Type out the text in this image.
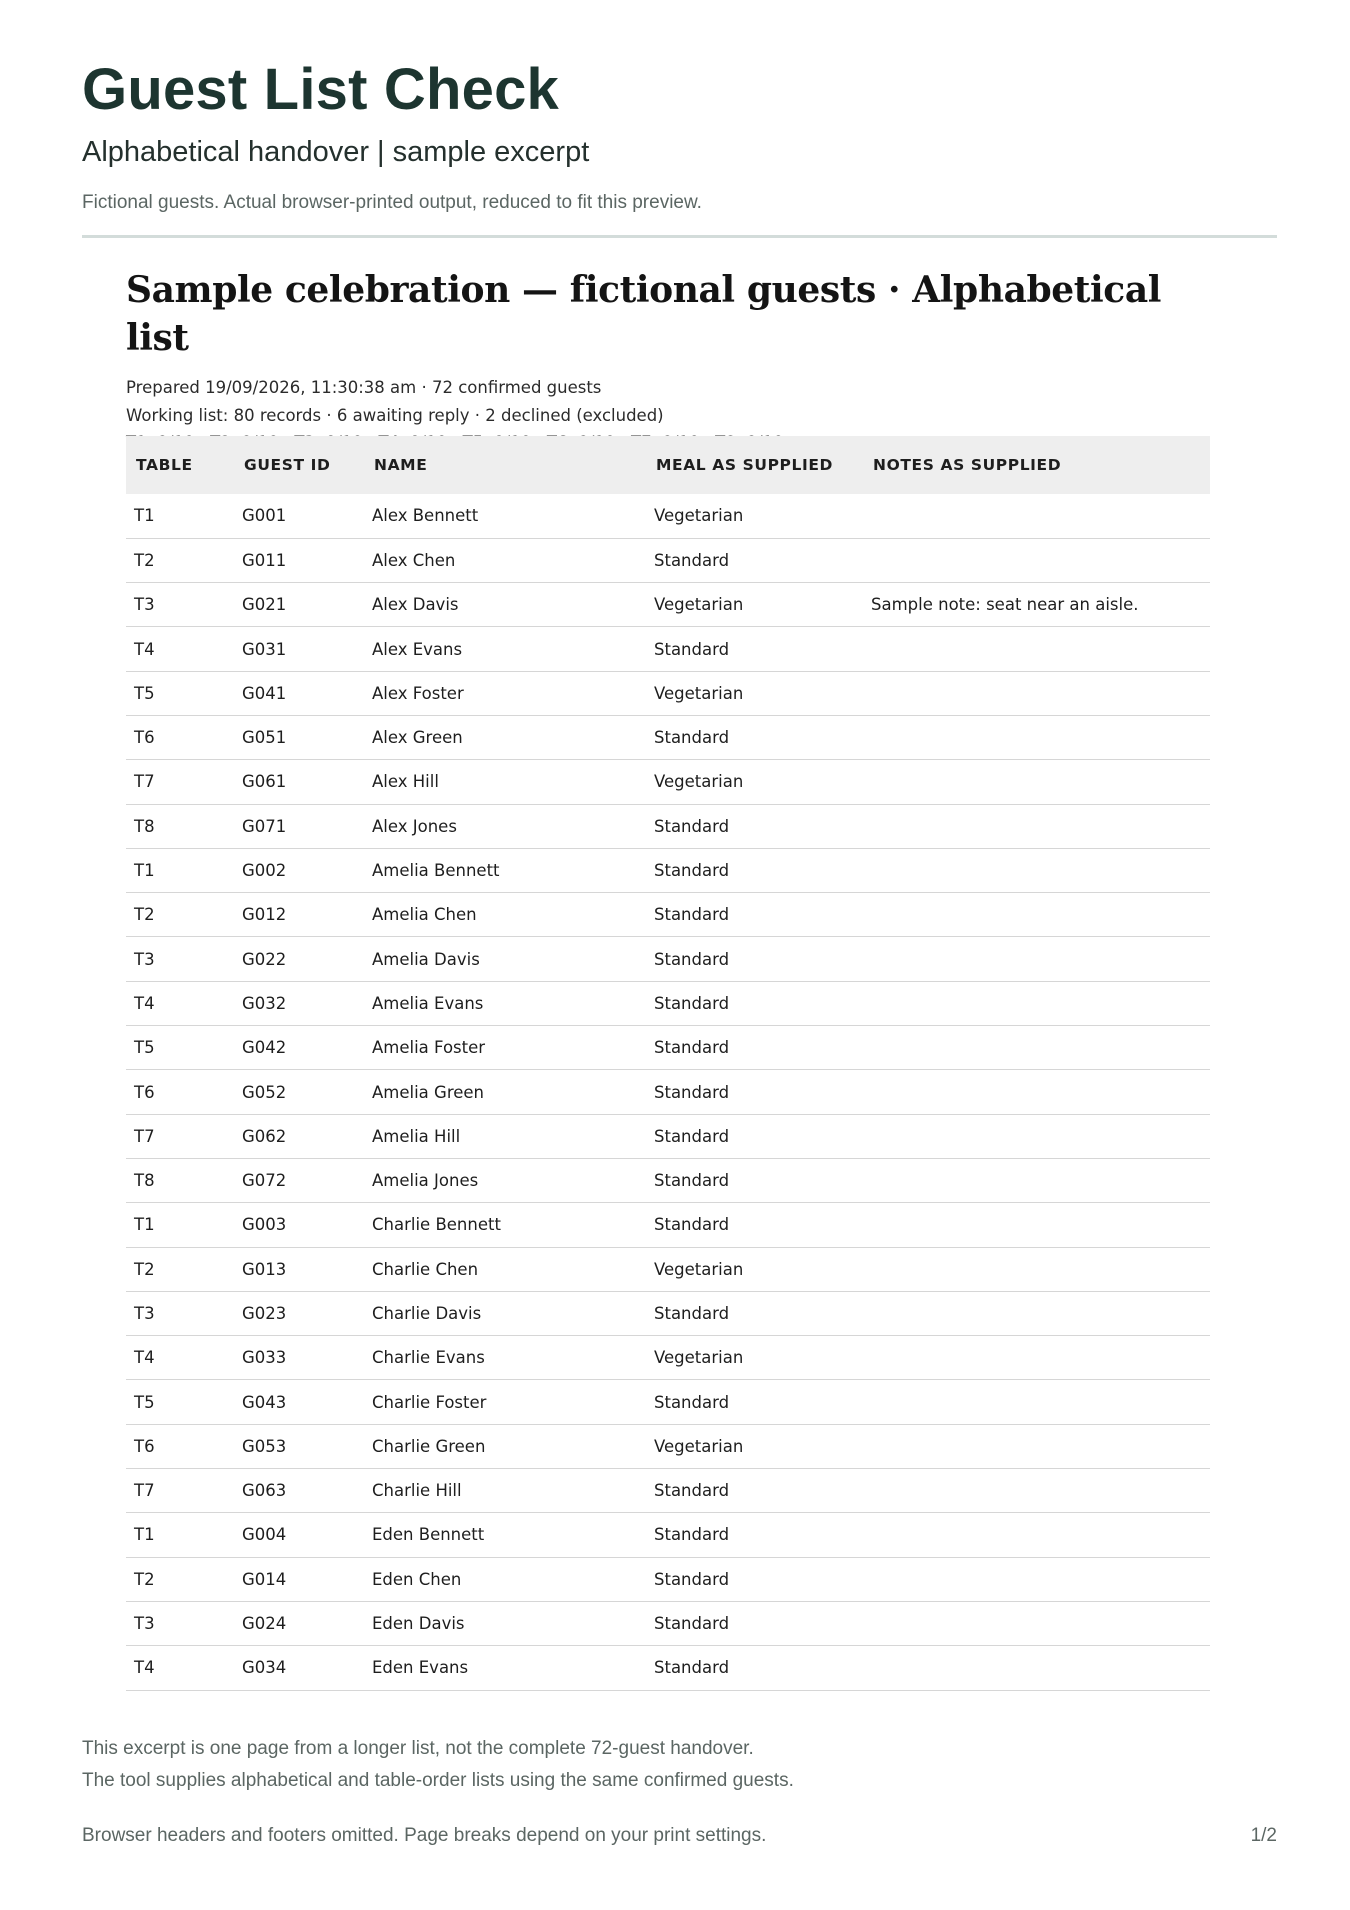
Guest List Check
Alphabetical handover | sample excerpt
Fictional guests. Actual browser-printed output, reduced to fit this preview.
Sample celebration — fictional guests · Alphabetical list
Prepared 19/09/2026, 11:30:38 am · 72 confirmed guests
Working list: 80 records · 6 awaiting reply · 2 declined (excluded)
T1: 9/10 · T2: 9/10 · T3: 9/10 · T4: 9/10 · T5: 9/10 · T6: 9/10 · T7: 9/10 · T8: 9/10
TABLE	GUEST ID	NAME	MEAL AS SUPPLIED	NOTES AS SUPPLIED
T1	G001	Alex Bennett	Vegetarian	
T2	G011	Alex Chen	Standard	
T3	G021	Alex Davis	Vegetarian	Sample note: seat near an aisle.
T4	G031	Alex Evans	Standard	
T5	G041	Alex Foster	Vegetarian	
T6	G051	Alex Green	Standard	
T7	G061	Alex Hill	Vegetarian	
T8	G071	Alex Jones	Standard	
T1	G002	Amelia Bennett	Standard	
T2	G012	Amelia Chen	Standard	
T3	G022	Amelia Davis	Standard	
T4	G032	Amelia Evans	Standard	
T5	G042	Amelia Foster	Standard	
T6	G052	Amelia Green	Standard	
T7	G062	Amelia Hill	Standard	
T8	G072	Amelia Jones	Standard	
T1	G003	Charlie Bennett	Standard	
T2	G013	Charlie Chen	Vegetarian	
T3	G023	Charlie Davis	Standard	
T4	G033	Charlie Evans	Vegetarian	
T5	G043	Charlie Foster	Standard	
T6	G053	Charlie Green	Vegetarian	
T7	G063	Charlie Hill	Standard	
T1	G004	Eden Bennett	Standard	
T2	G014	Eden Chen	Standard	
T3	G024	Eden Davis	Standard	
T4	G034	Eden Evans	Standard	
This excerpt is one page from a longer list, not the complete 72-guest handover.
The tool supplies alphabetical and table-order lists using the same confirmed guests.
Browser headers and footers omitted. Page breaks depend on your print settings.	1/2
